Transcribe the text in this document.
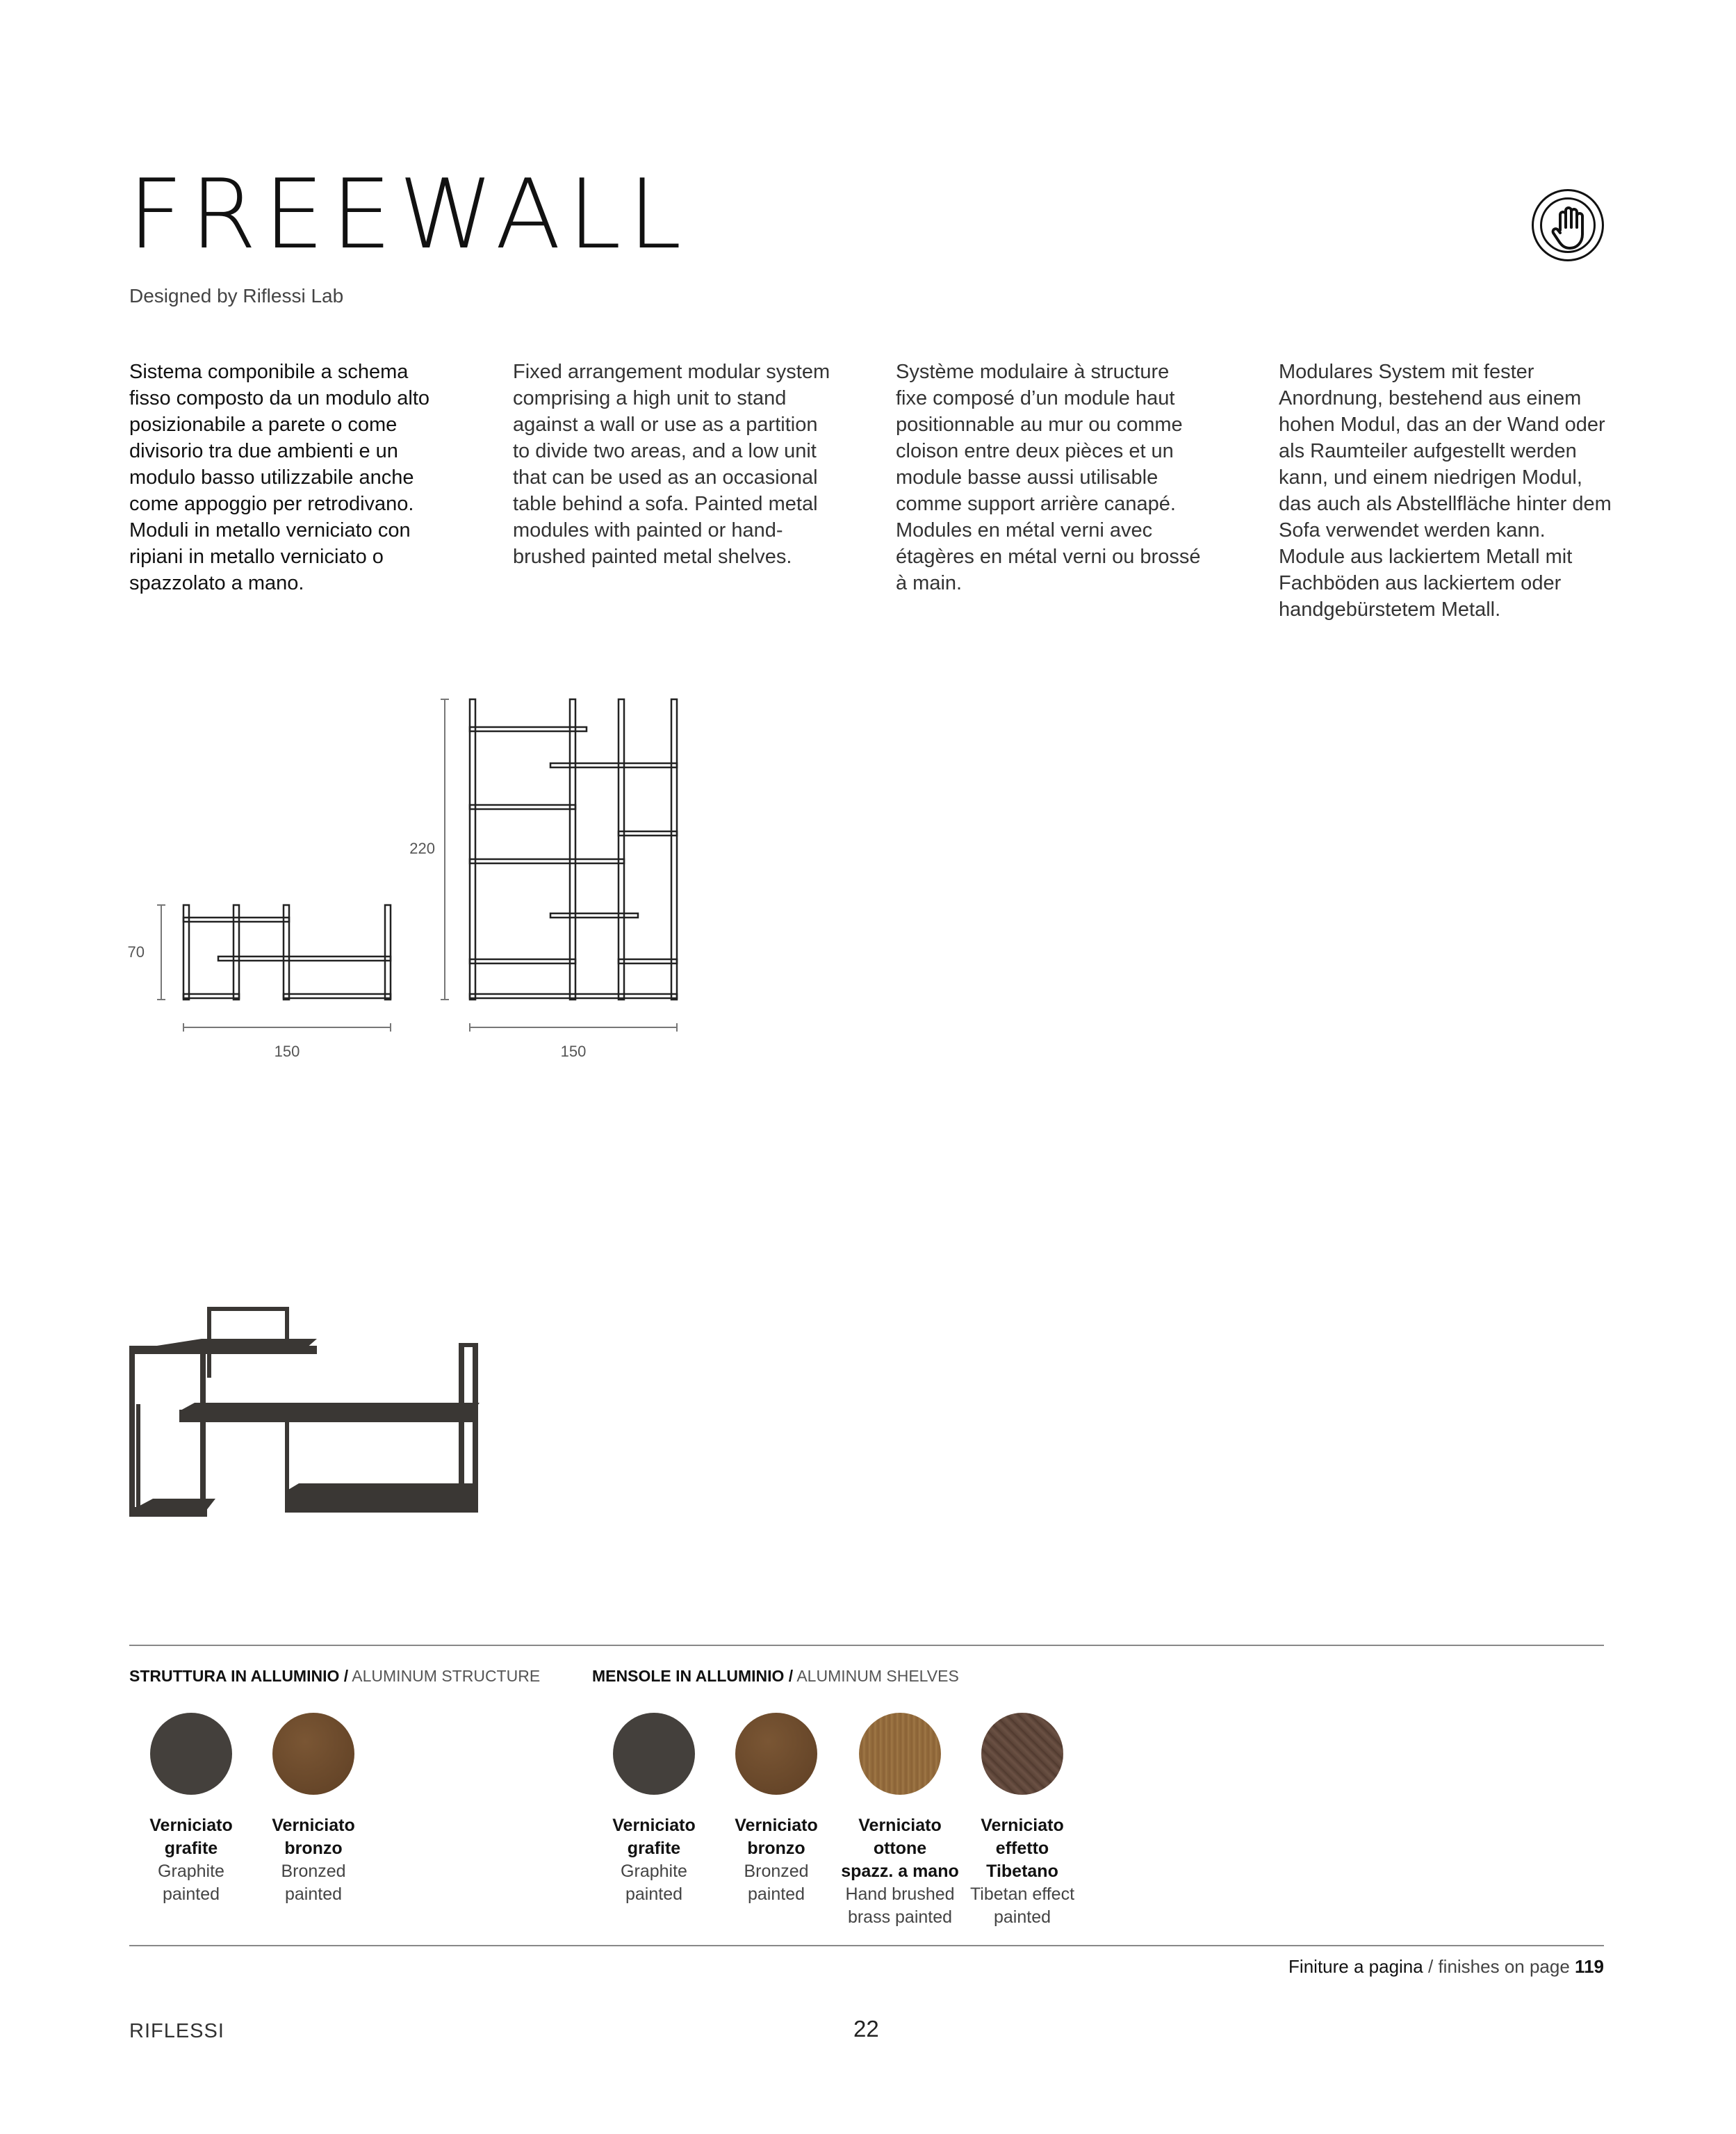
FREEWALL
Designed by Riflessi Lab
Sistema componibile a schema
fisso composto da un modulo alto
posizionabile a parete o come
divisorio tra due ambienti e un
modulo basso utilizzabile anche
come appoggio per retrodivano.
Moduli in metallo verniciato con
ripiani in metallo verniciato o
spazzolato a mano.
Fixed arrangement modular system
comprising a high unit to stand
against a wall or use as a partition
to divide two areas, and a low unit
that can be used as an occasional
table behind a sofa. Painted metal
modules with painted or hand-
brushed painted metal shelves.
Système modulaire à structure
fixe composé d’un module haut
positionnable au mur ou comme
cloison entre deux pièces et un
module basse aussi utilisable
comme support arrière canapé.
Modules en métal verni avec
étagères en métal verni ou brossé
à main.
Modulares System mit fester
Anordnung, bestehend aus einem
hohen Modul, das an der Wand oder
als Raumteiler aufgestellt werden
kann, und einem niedrigen Modul,
das auch als Abstellfläche hinter dem
Sofa verwendet werden kann.
Module aus lackiertem Metall mit
Fachböden aus lackiertem oder
handgebürstetem Metall.
70
150
220
150
STRUTTURA IN ALLUMINIO / ALUMINUM STRUCTURE	MENSOLE IN ALLUMINIO / ALUMINUM SHELVES
Verniciato
grafite
Graphite
painted
Verniciato
bronzo
Bronzed
painted
Verniciato
grafite
Graphite
painted
Verniciato
bronzo
Bronzed
painted
Verniciato
ottone
spazz. a mano
Hand brushed
brass painted
Verniciato
effetto
Tibetano
Tibetan effect
painted
Finiture a pagina / finishes on page 119
RIFLESSI	22
